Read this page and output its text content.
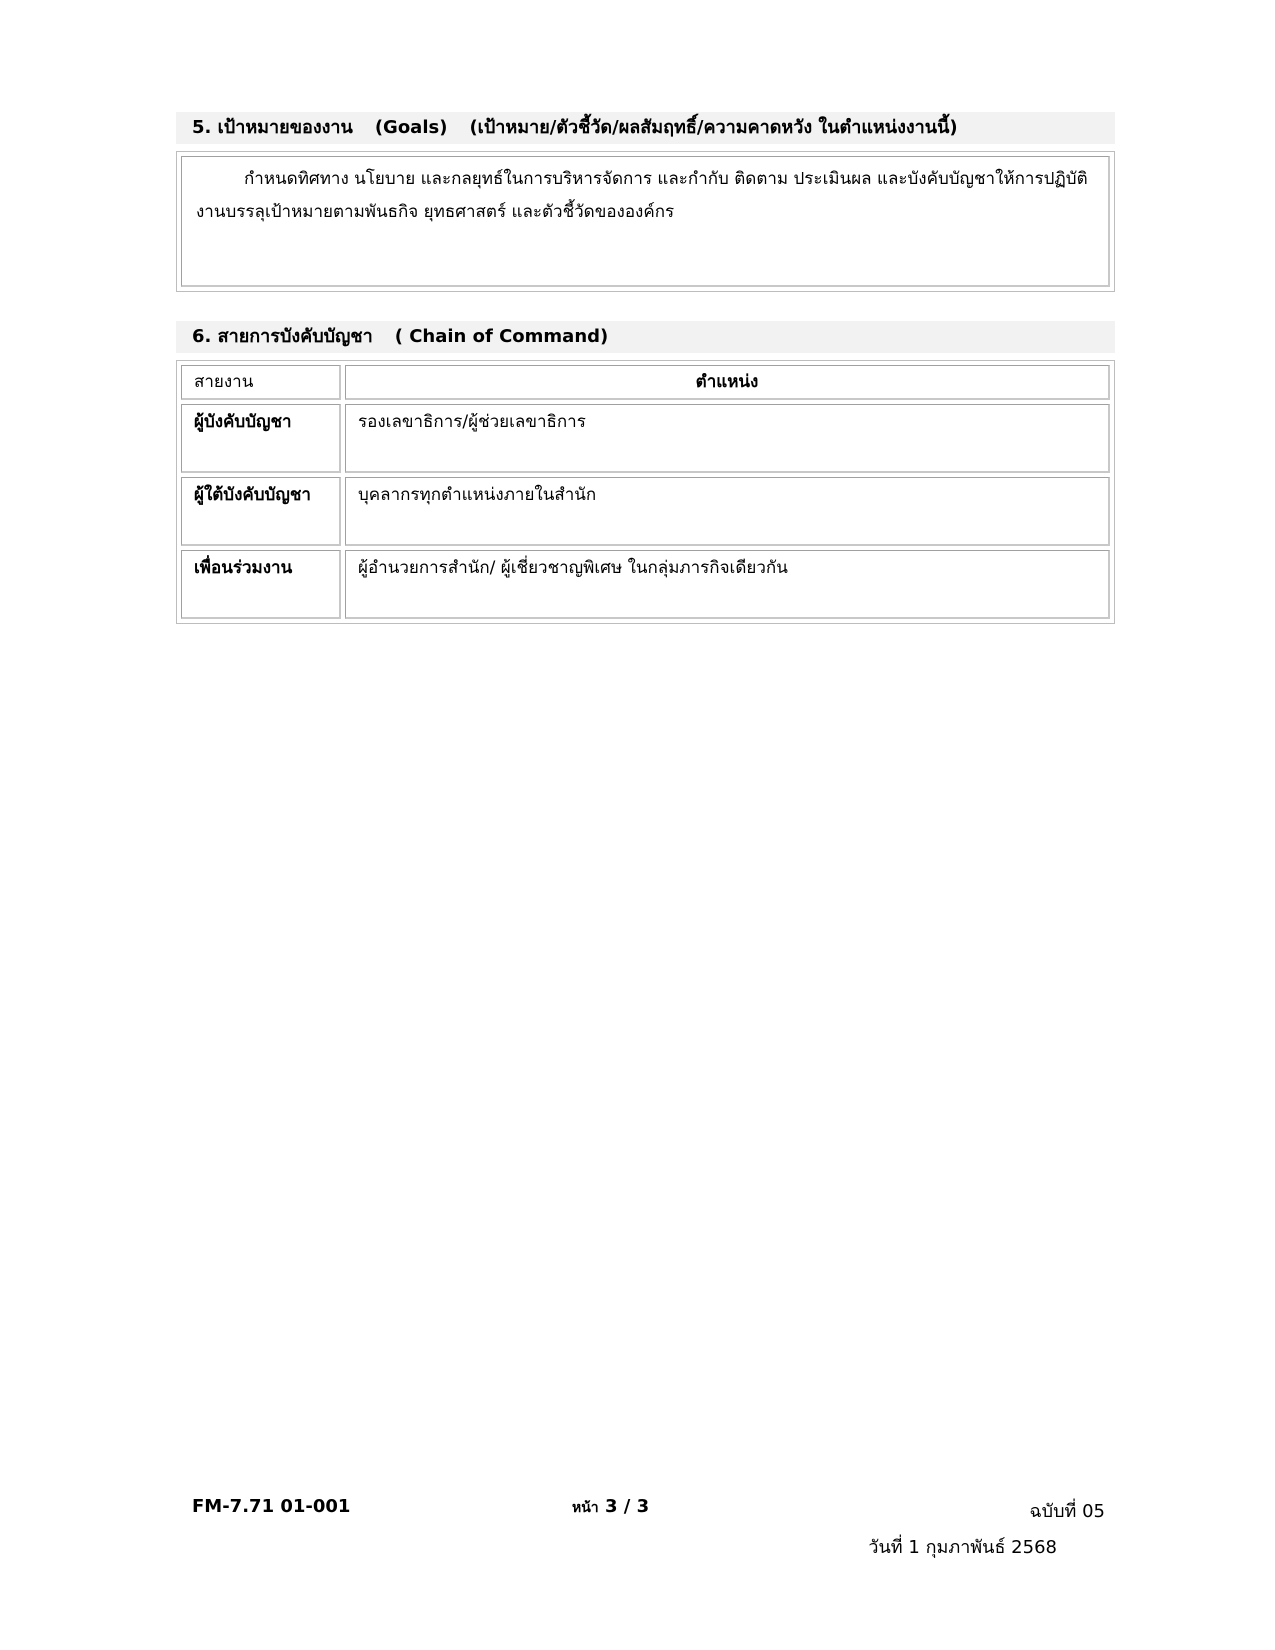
5. เป้าหมายของงาน (Goals) (เป้าหมาย/ตัวชี้วัด/ผลสัมฤทธิ์/ความคาดหวัง ในตำแหน่งงานนี้)

กำหนดทิศทาง นโยบาย และกลยุทธ์ในการบริหารจัดการ และกำกับ ติดตาม ประเมินผล และบังคับบัญชาให้การปฏิบัติงานบรรลุเป้าหมายตามพันธกิจ ยุทธศาสตร์ และตัวชี้วัดขององค์กร

6. สายการบังคับบัญชา ( Chain of Command)
สายงาน	ตำแหน่ง
ผู้บังคับบัญชา	รองเลขาธิการ/ผู้ช่วยเลขาธิการ
ผู้ใต้บังคับบัญชา	บุคลากรทุกตำแหน่งภายในสำนัก
เพื่อนร่วมงาน	ผู้อำนวยการสำนัก/ ผู้เชี่ยวชาญพิเศษ ในกลุ่มภารกิจเดียวกัน
FM-7.71 01-001	หน้า 3 / 3	ฉบับที่ 05
วันที่ 1 กุมภาพันธ์ 2568
